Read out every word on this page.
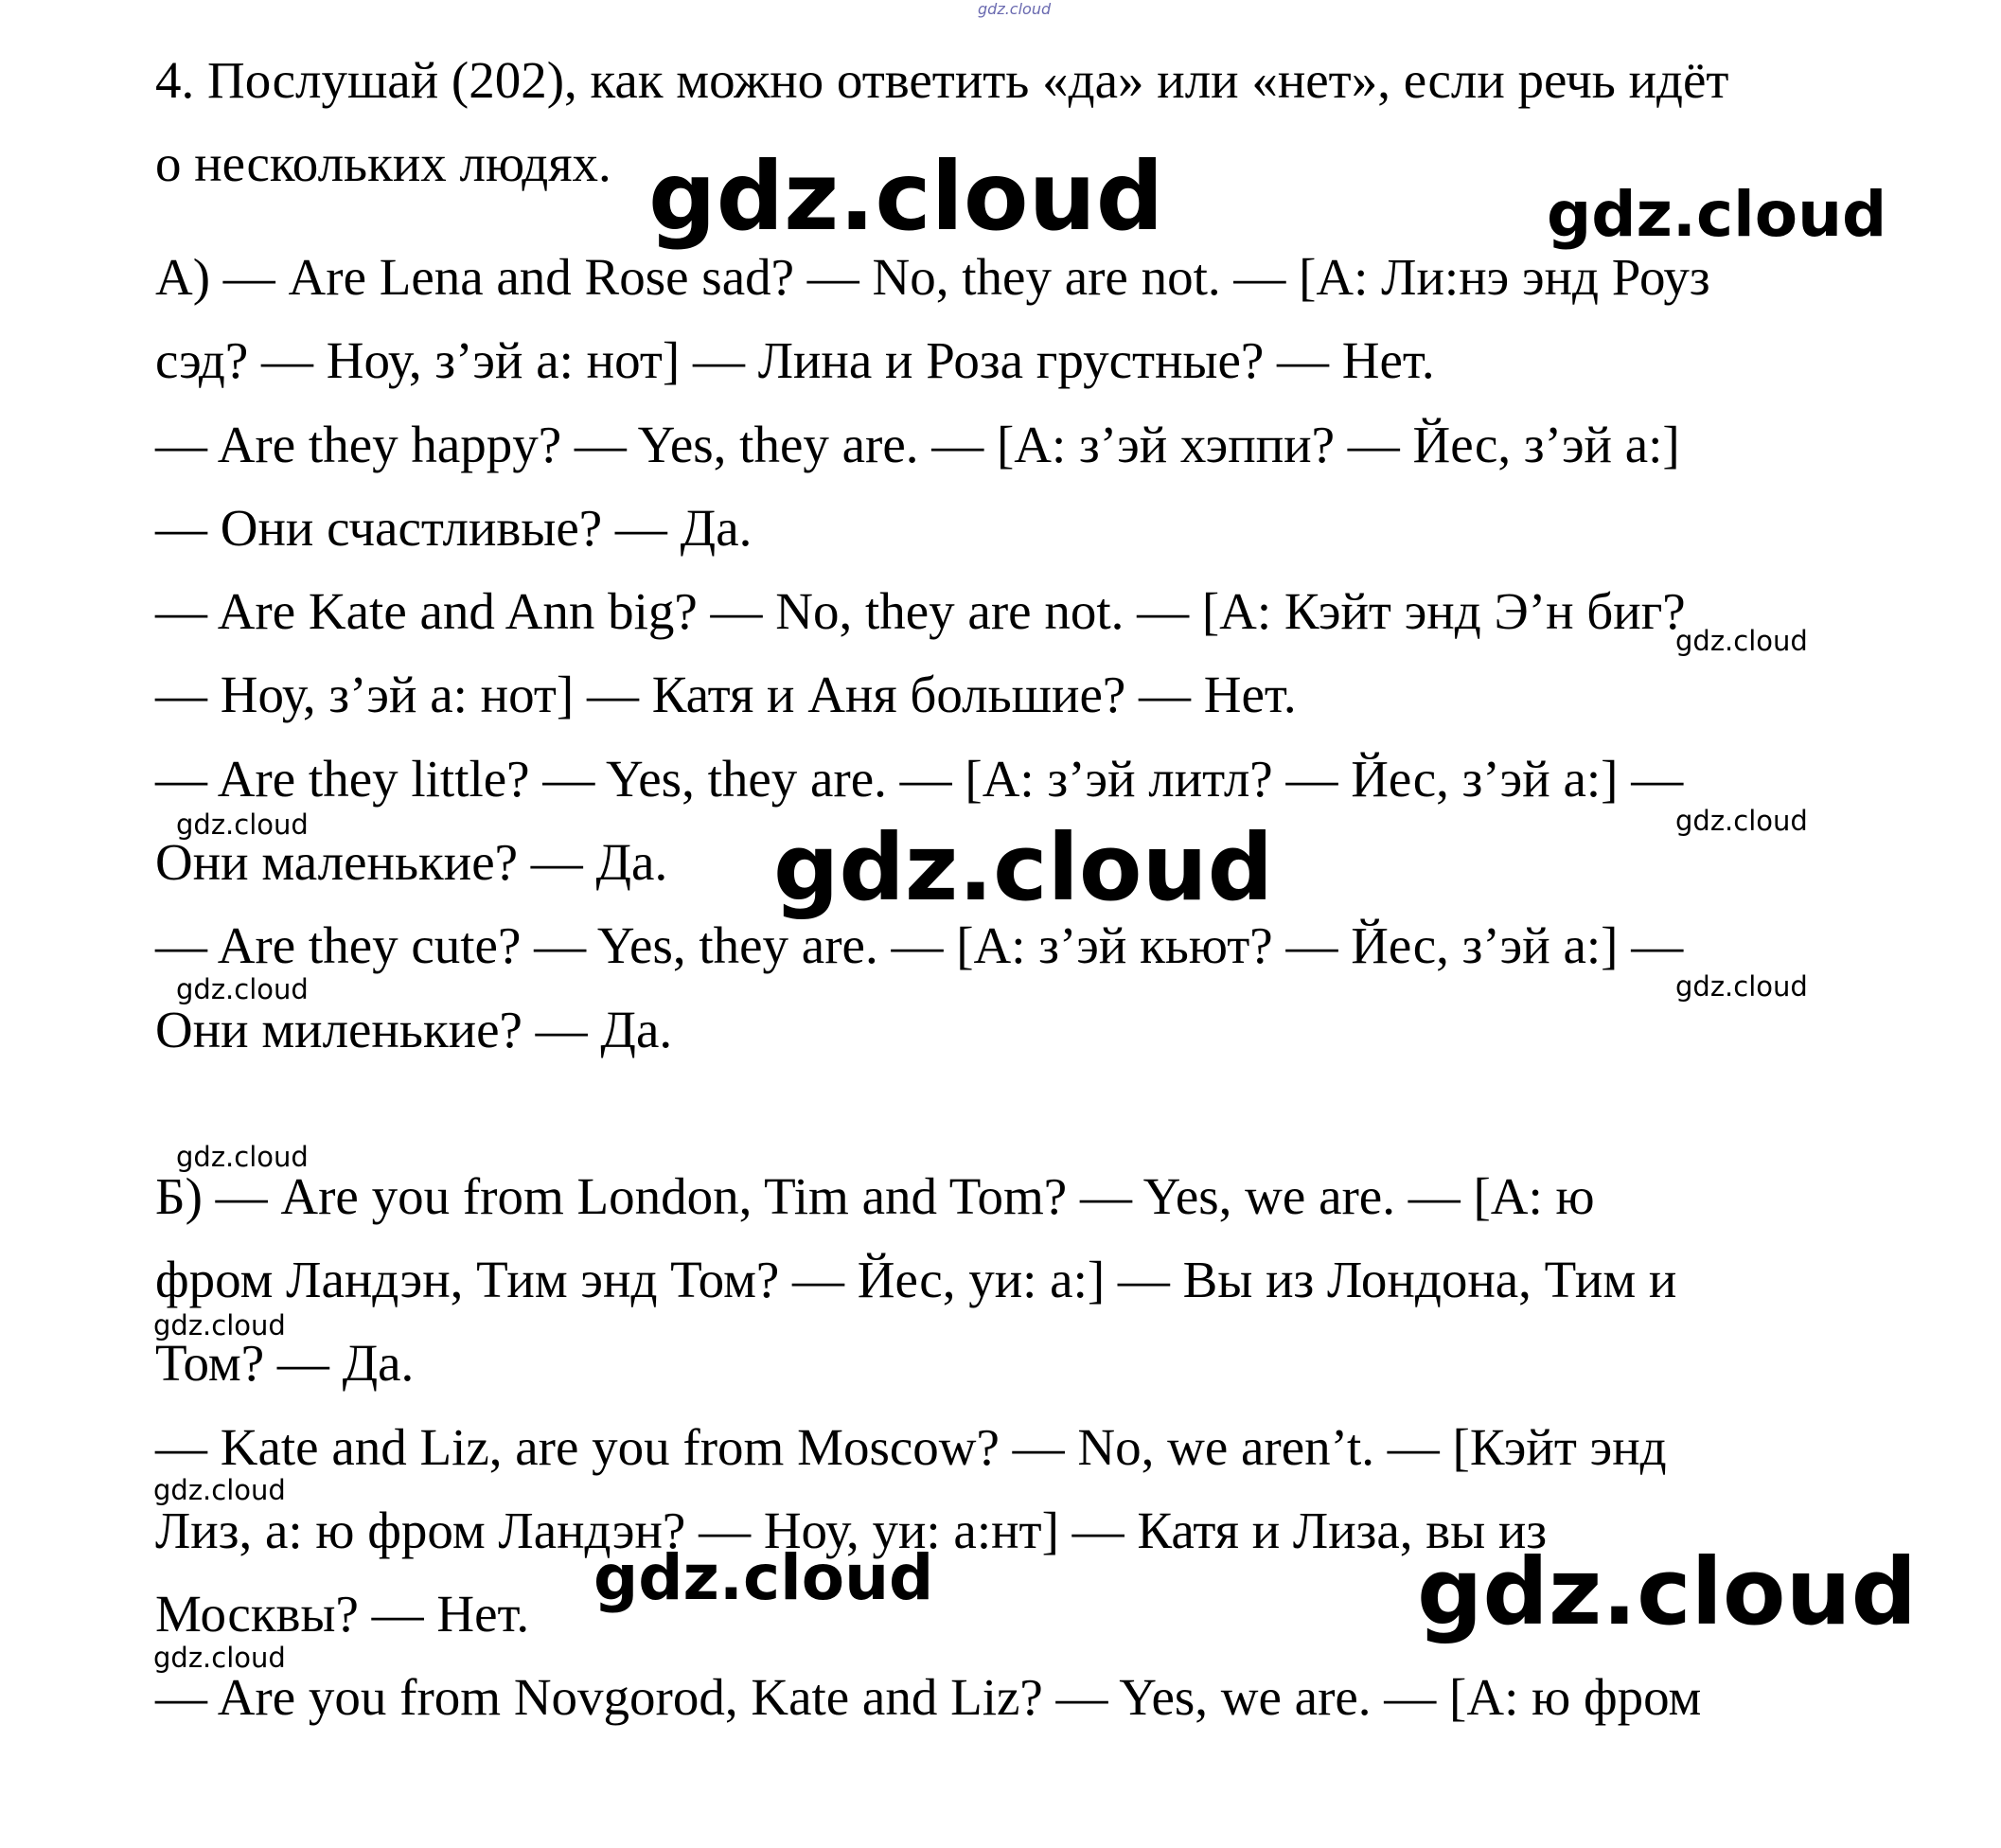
4. Послушай (202), как можно ответить «да» или «нет», если речь идёт
о нескольких людях.
А) — Are Lena and Rose sad? — No, they are not. — [А: Ли:нэ энд Роуз
сэд? — Ноу, з’эй а: нот] — Лина и Роза грустные? — Нет.
— Are they happy? — Yes, they are. — [А: з’эй хэппи? — Йес, з’эй а:]
— Они счастливые? — Да.
— Are Kate and Ann big? — No, they are not. — [А: Кэйт энд Э’н биг?
— Ноу, з’эй а: нот] — Катя и Аня большие? — Нет.
— Are they little? — Yes, they are. — [А: з’эй литл? — Йес, з’эй а:] —
Они маленькие? — Да.
— Are they cute? — Yes, they are. — [А: з’эй кьют? — Йес, з’эй а:] —
Они миленькие? — Да.
Б) — Are you from London, Tim and Tom? — Yes, we are. — [А: ю
фром Ландэн, Тим энд Том? — Йес, уи: а:] — Вы из Лондона, Тим и
Том? — Да.
— Kate and Liz, are you from Moscow? — No, we aren’t. — [Кэйт энд
Лиз, а: ю фром Ландэн? — Ноу, уи: а:нт] — Катя и Лиза, вы из
Москвы? — Нет.
— Are you from Novgorod, Kate and Liz? — Yes, we are. — [А: ю фром
gdz.cloud
gdz.cloud	gdz.cloud
gdz.cloud
gdz.cloud	gdz.cloud
gdz.cloud
gdz.cloud	gdz.cloud
gdz.cloud
gdz.cloud
gdz.cloud
gdz.cloud	gdz.cloud
gdz.cloud
